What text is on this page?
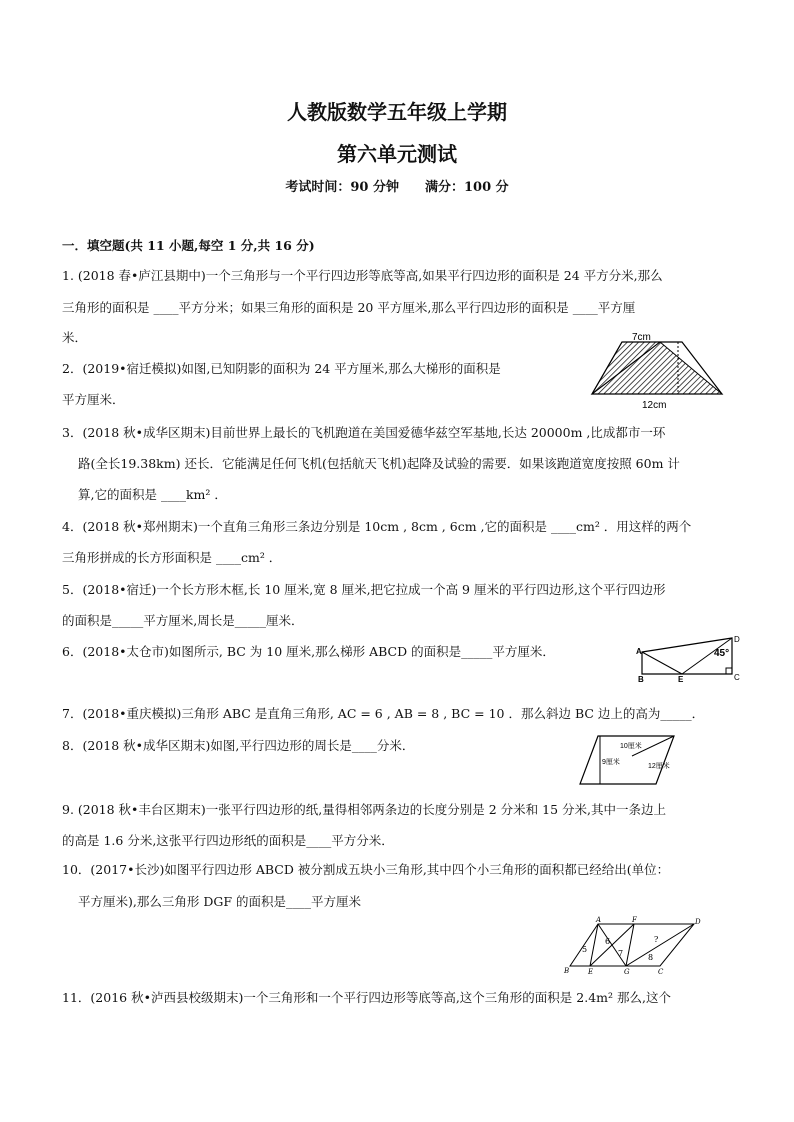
人教版数学五年级上学期
第六单元测试
考试时间：90 分钟　　满分：100 分
一．填空题(共 11 小题,每空 1 分,共 16 分)
1. (2018 春•庐江县期中)一个三角形与一个平行四边形等底等高,如果平行四边形的面积是 24 平方分米,那么
三角形的面积是 ____平方分米；如果三角形的面积是 20 平方厘米,那么平行四边形的面积是 ____平方厘
米．
2．(2019•宿迁模拟)如图,已知阴影的面积为 24 平方厘米,那么大梯形的面积是
平方厘米．
7cm
12cm
3．(2018 秋•成华区期末)目前世界上最长的飞机跑道在美国爱德华兹空军基地,长达 20000m ,比成都市一环
路(全长19.38km) 还长．它能满足任何飞机(包括航天飞机)起降及试验的需要．如果该跑道宽度按照 60m 计
算,它的面积是 ____km² ．
4．(2018 秋•郑州期末)一个直角三角形三条边分别是 10cm , 8cm , 6cm ,它的面积是 ____cm² ．用这样的两个
三角形拼成的长方形面积是 ____cm² ．
5．(2018•宿迁)一个长方形木框,长 10 厘米,宽 8 厘米,把它拉成一个高 9 厘米的平行四边形,这个平行四边形
的面积是_____平方厘米,周长是_____厘米．
6．(2018•太仓市)如图所示, BC 为 10 厘米,那么梯形 ABCD 的面积是_____平方厘米．	A
B	E	C
D
45°
7．(2018•重庆模拟)三角形 ABC 是直角三角形, AC = 6 , AB = 8 , BC = 10 ．那么斜边 BC 边上的高为_____．
8．(2018 秋•成华区期末)如图,平行四边形的周长是____分米．	10厘米
9厘米
12厘米
9. (2018 秋•丰台区期末)一张平行四边形的纸,量得相邻两条边的长度分别是 2 分米和 15 分米,其中一条边上
的高是 1.6 分米,这张平行四边形纸的面积是____平方分米．
10．(2017•长沙)如图平行四边形 ABCD 被分割成五块小三角形,其中四个小三角形的面积都已经给出(单位：
平方厘米),那么三角形 DGF 的面积是____平方厘米
A	F	D
B	E	G	C
5
6
7
?
8
11．(2016 秋•泸西县校级期末)一个三角形和一个平行四边形等底等高,这个三角形的面积是 2.4m² 那么,这个
